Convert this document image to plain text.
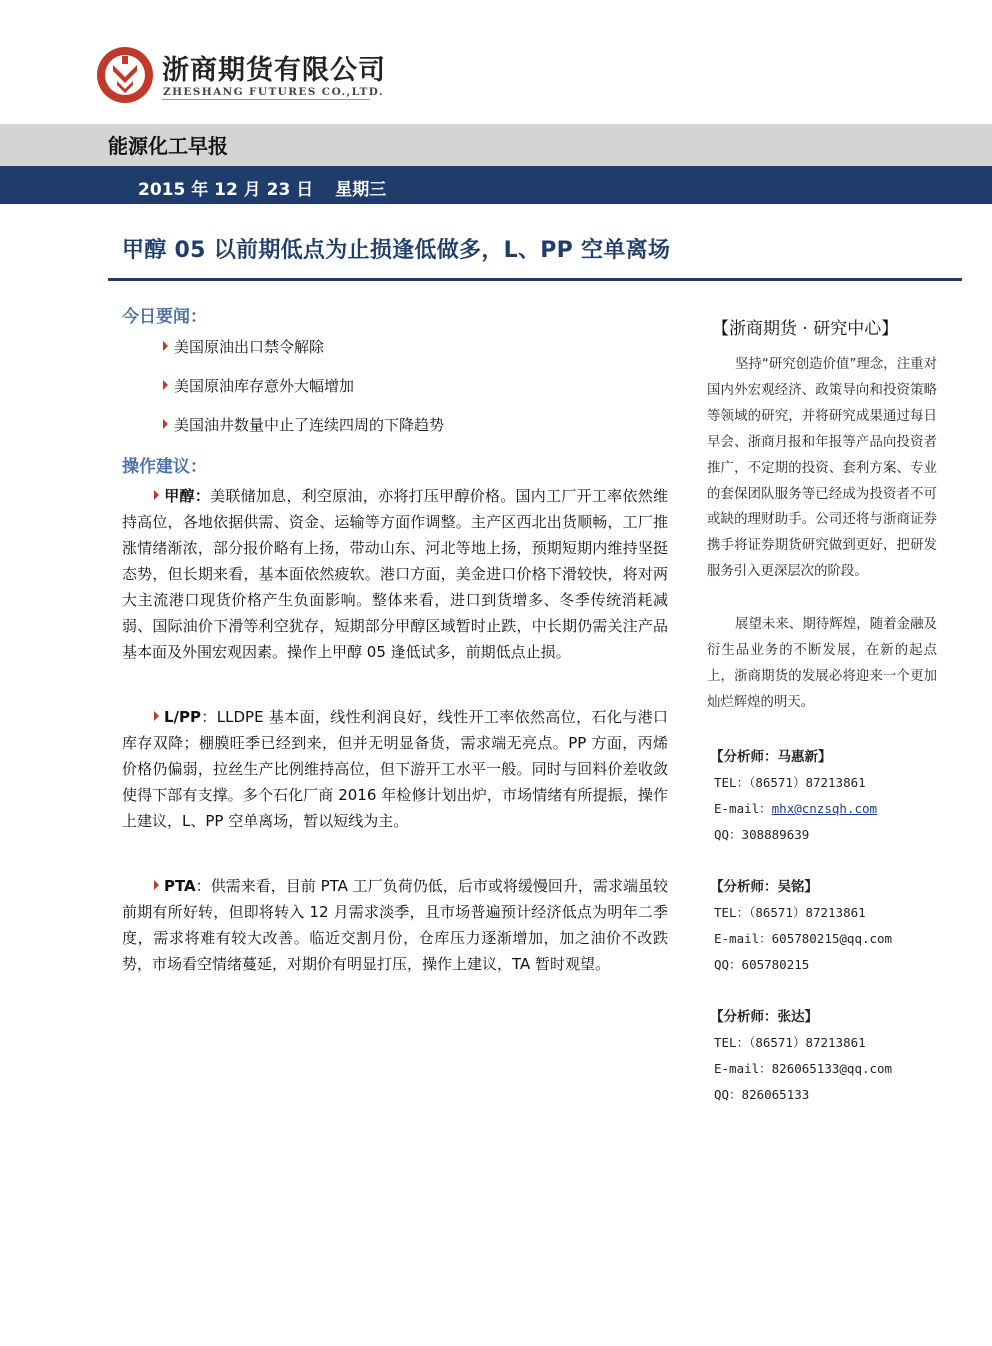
浙商期货有限公司
ZHESHANG FUTURES CO.,LTD.
能源化工早报
2015 年 12 月 23 日 星期三
甲醇 05 以前期低点为止损逢低做多，L、PP 空单离场
今日要闻：
美国原油出口禁令解除
美国原油库存意外大幅增加
美国油井数量中止了连续四周的下降趋势
操作建议：

甲醇：美联储加息，利空原油，亦将打压甲醇价格。国内工厂开工率依然维持高位，各地依据供需、资金、运输等方面作调整。主产区西北出货顺畅，工厂推涨情绪渐浓，部分报价略有上扬，带动山东、河北等地上扬，预期短期内维持坚挺态势，但长期来看，基本面依然疲软。港口方面，美金进口价格下滑较快，将对两大主流港口现货价格产生负面影响。整体来看，进口到货增多、冬季传统消耗减弱、国际油价下滑等利空犹存，短期部分甲醇区域暂时止跌，中长期仍需关注产品基本面及外围宏观因素。操作上甲醇 05 逢低试多，前期低点止损。

L/PP：LLDPE 基本面，线性利润良好，线性开工率依然高位，石化与港口库存双降；棚膜旺季已经到来，但并无明显备货，需求端无亮点。PP 方面，丙烯价格仍偏弱，拉丝生产比例维持高位，但下游开工水平一般。同时与回料价差收敛使得下部有支撑。多个石化厂商 2016 年检修计划出炉，市场情绪有所提振，操作上建议，L、PP 空单离场，暂以短线为主。

PTA：供需来看，目前 PTA 工厂负荷仍低，后市或将缓慢回升，需求端虽较前期有所好转，但即将转入 12 月需求淡季，且市场普遍预计经济低点为明年二季度，需求将难有较大改善。临近交割月份，仓库压力逐渐增加，加之油价不改跌势，市场看空情绪蔓延，对期价有明显打压，操作上建议，TA 暂时观望。

【浙商期货 · 研究中心】

坚持“研究创造价值”理念，注重对国内外宏观经济、政策导向和投资策略等领域的研究，并将研究成果通过每日早会、浙商月报和年报等产品向投资者推广，不定期的投资、套利方案、专业的套保团队服务等已经成为投资者不可或缺的理财助手。公司还将与浙商证券携手将证券期货研究做到更好，把研发服务引入更深层次的阶段。

展望未来、期待辉煌，随着金融及衍生品业务的不断发展，在新的起点上，浙商期货的发展必将迎来一个更加灿烂辉煌的明天。

【分析师：马惠新】
TEL：（86571）87213861
E-mail：mhx@cnzsqh.com
QQ：308889639
【分析师：吴铭】
TEL：（86571）87213861
E-mail：605780215@qq.com
QQ：605780215
【分析师：张达】
TEL：（86571）87213861
E-mail：826065133@qq.com
QQ：826065133
